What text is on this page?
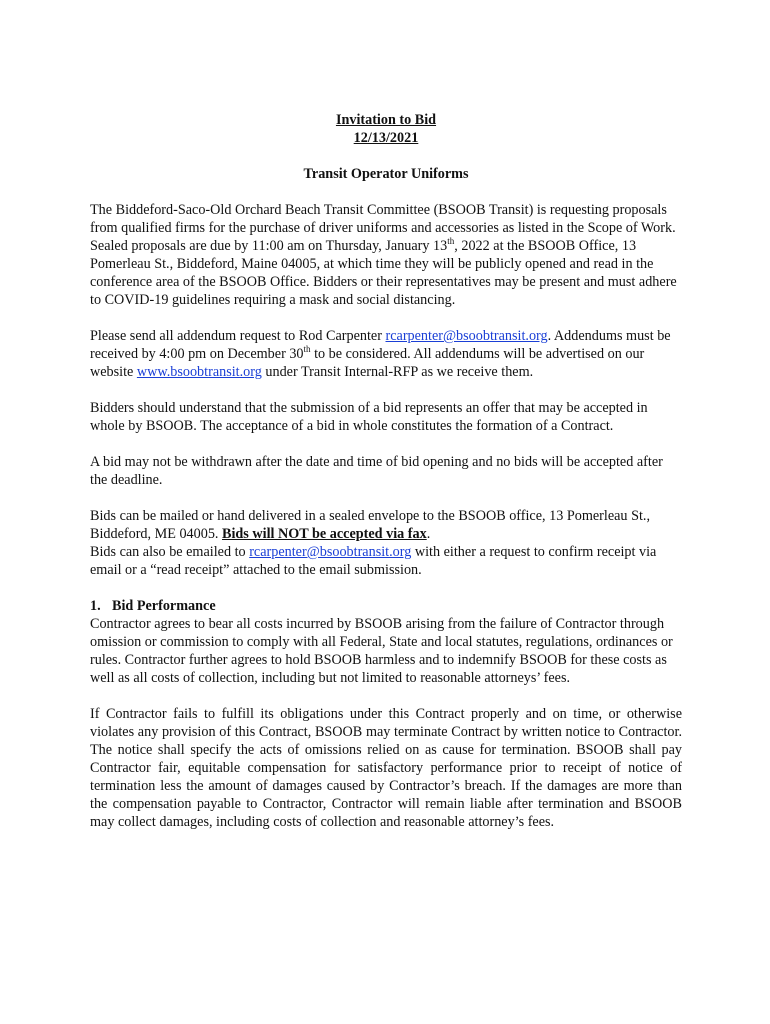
Invitation to Bid

12/13/2021

Transit Operator Uniforms

The Biddeford-Saco-Old Orchard Beach Transit Committee (BSOOB Transit) is requesting proposals from qualified firms for the purchase of driver uniforms and accessories as listed in the Scope of Work.

Sealed proposals are due by 11:00 am on Thursday, January 13th, 2022 at the BSOOB Office, 13 Pomerleau St., Biddeford, Maine 04005, at which time they will be publicly opened and read in the conference area of the BSOOB Office. Bidders or their representatives may be present and must adhere to COVID-19 guidelines requiring a mask and social distancing.

Please send all addendum request to Rod Carpenter rcarpenter@bsoobtransit.org. Addendums must be received by 4:00 pm on December 30th to be considered. All addendums will be advertised on our website www.bsoobtransit.org under Transit Internal-RFP as we receive them.

Bidders should understand that the submission of a bid represents an offer that may be accepted in whole by BSOOB. The acceptance of a bid in whole constitutes the formation of a Contract.

A bid may not be withdrawn after the date and time of bid opening and no bids will be accepted after the deadline.

Bids can be mailed or hand delivered in a sealed envelope to the BSOOB office, 13 Pomerleau St., Biddeford, ME 04005. Bids will NOT be accepted via fax.

Bids can also be emailed to rcarpenter@bsoobtransit.org with either a request to confirm receipt via email or a “read receipt” attached to the email submission.

1. Bid Performance

Contractor agrees to bear all costs incurred by BSOOB arising from the failure of Contractor through omission or commission to comply with all Federal, State and local statutes, regulations, ordinances or rules. Contractor further agrees to hold BSOOB harmless and to indemnify BSOOB for these costs as well as all costs of collection, including but not limited to reasonable attorneys’ fees.

If Contractor fails to fulfill its obligations under this Contract properly and on time, or otherwise violates any provision of this Contract, BSOOB may terminate Contract by written notice to Contractor. The notice shall specify the acts of omissions relied on as cause for termination. BSOOB shall pay Contractor fair, equitable compensation for satisfactory performance prior to receipt of notice of termination less the amount of damages caused by Contractor’s breach. If the damages are more than the compensation payable to Contractor, Contractor will remain liable after termination and BSOOB may collect damages, including costs of collection and reasonable attorney’s fees.
